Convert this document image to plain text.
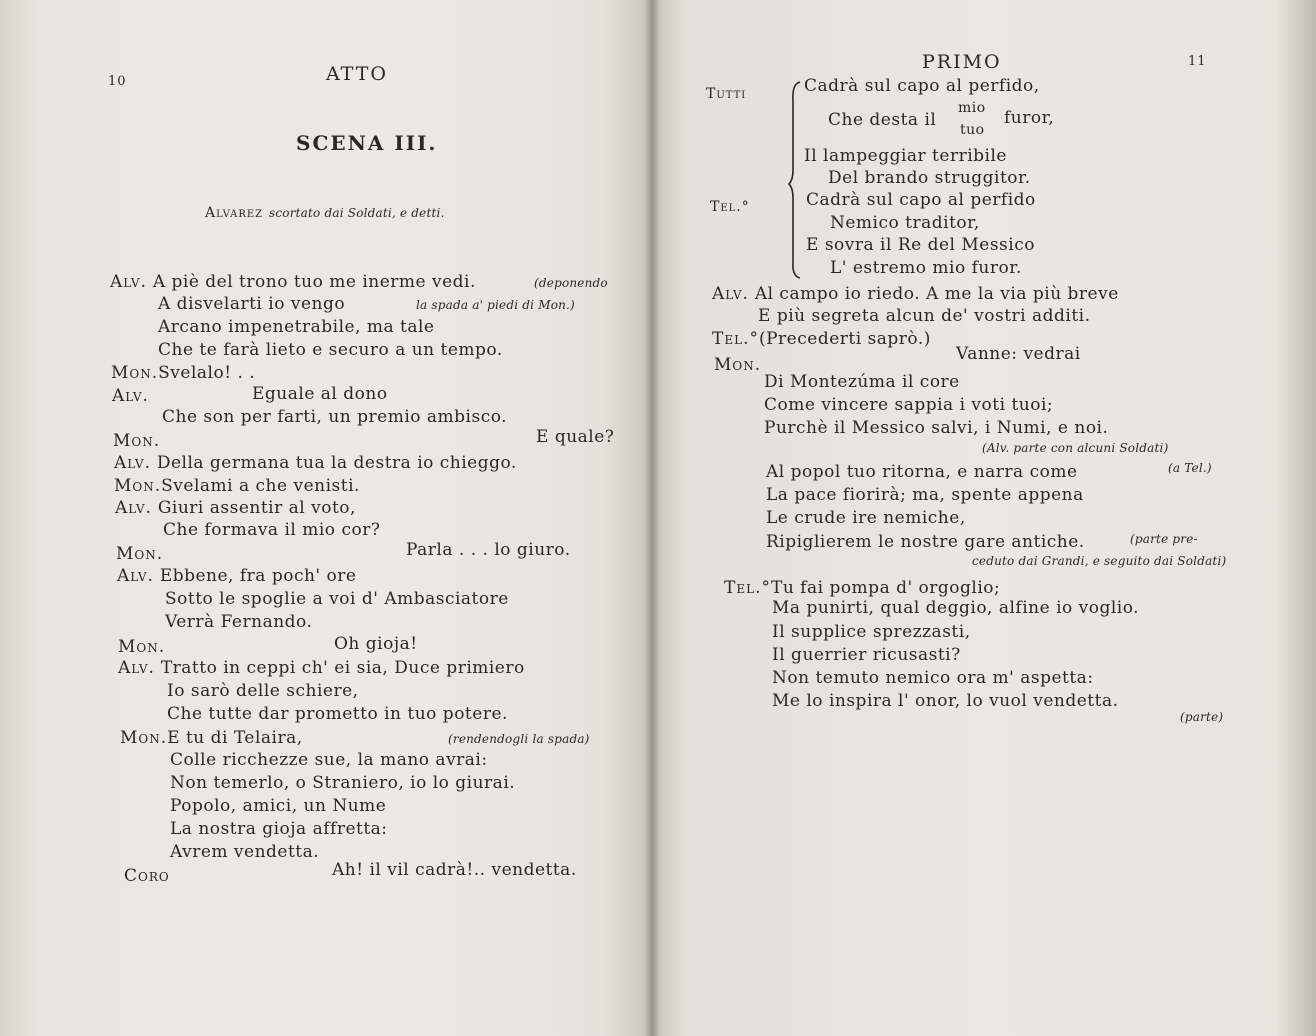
10	ATTO
SCENA III.
Alvarez scortato dai Soldati, e detti.
Alv. A piè del trono tuo me inerme vedi.	(deponendo
A disvelarti io vengo	la spada a' piedi di Mon.)
Arcano impenetrabile, ma tale
Che te farà lieto e securo a un tempo.
Mon.Svelalo! . .
Alv.	Eguale al dono
Che son per farti, un premio ambisco.
Mon.	E quale?
Alv. Della germana tua la destra io chieggo.
Mon.Svelami a che venisti.
Alv. Giuri assentir al voto,
Che formava il mio cor?
Mon.	Parla . . . lo giuro.
Alv. Ebbene, fra poch' ore
Sotto le spoglie a voi d' Ambasciatore
Verrà Fernando.
Mon.	Oh gioja!
Alv. Tratto in ceppi ch' ei sia, Duce primiero
Io sarò delle schiere,
Che tutte dar prometto in tuo potere.
Mon.E tu di Telaira,	(rendendogli la spada)
Colle ricchezze sue, la mano avrai:
Non temerlo, o Straniero, io lo giurai.
Popolo, amici, un Nume
La nostra gioja affretta:
Avrem vendetta.
Coro	Ah! il vil cadrà!.. vendetta.
PRIMO	11
Tutti	Cadrà sul capo al perfido,
Che desta il
mio
tuo
furor,
Il lampeggiar terribile
Del brando struggitor.
Tel.°	Cadrà sul capo al perfido
Nemico traditor,
E sovra il Re del Messico
L' estremo mio furor.
Alv. Al campo io riedo. A me la via più breve
E più segreta alcun de' vostri additi.
Tel.°(Precederti saprò.)
Mon.
Vanne: vedrai
Di Montezúma il core
Come vincere sappia i voti tuoi;
Purchè il Messico salvi, i Numi, e noi.
(Alv. parte con alcuni Soldati)
Al popol tuo ritorna, e narra come	(a Tel.)
La pace fiorirà; ma, spente appena
Le crude ire nemiche,
Ripiglierem le nostre gare antiche.	(parte pre-
ceduto dai Grandi, e seguito dai Soldati)
Tel.°Tu fai pompa d' orgoglio;
Ma punirti, qual deggio, alfine io voglio.
Il supplice sprezzasti,
Il guerrier ricusasti?
Non temuto nemico ora m' aspetta:
Me lo inspira l' onor, lo vuol vendetta.
(parte)
